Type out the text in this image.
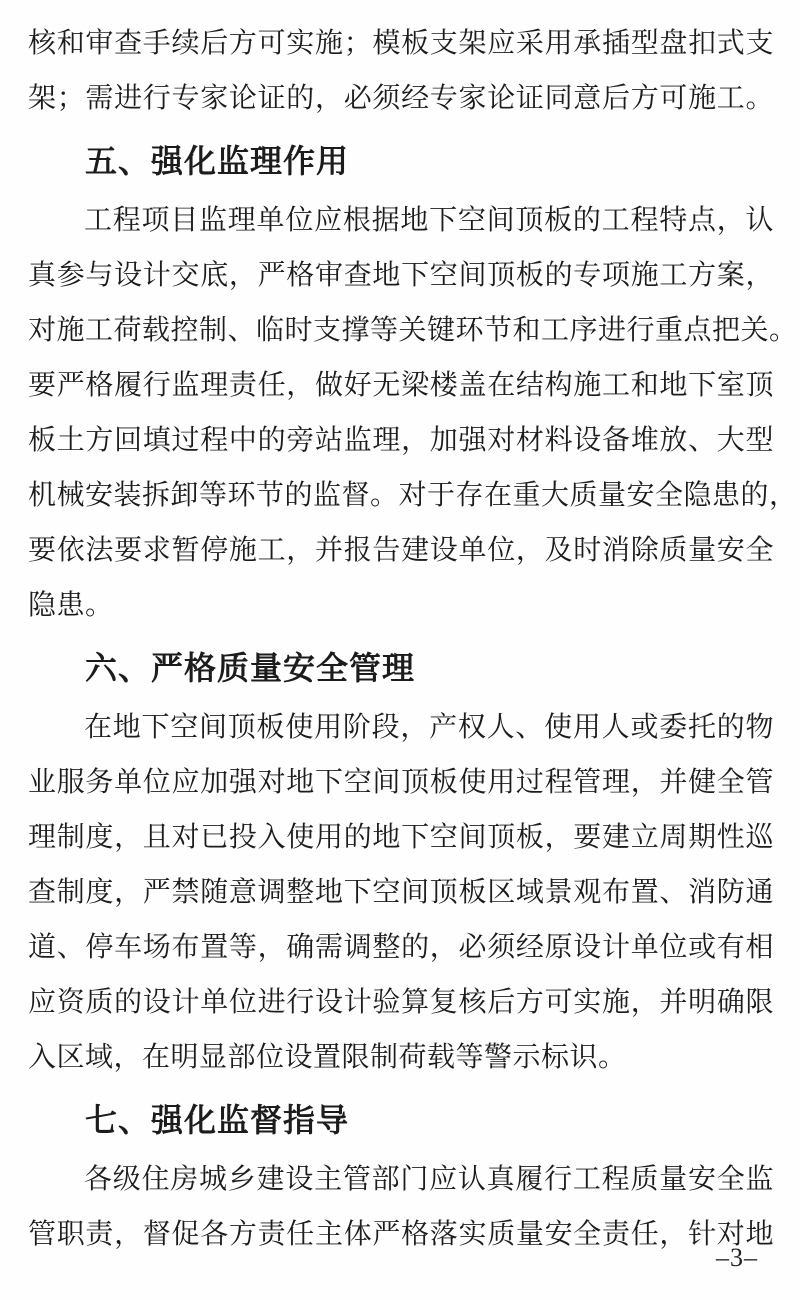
核和审查手续后方可实施；模板支架应采用承插型盘扣式支
架；需进行专家论证的，必须经专家论证同意后方可施工。
五、强化监理作用
工程项目监理单位应根据地下空间顶板的工程特点，认
真参与设计交底，严格审查地下空间顶板的专项施工方案，
对施工荷载控制、临时支撑等关键环节和工序进行重点把关。
要严格履行监理责任，做好无梁楼盖在结构施工和地下室顶
板土方回填过程中的旁站监理，加强对材料设备堆放、大型
机械安装拆卸等环节的监督。对于存在重大质量安全隐患的，
要依法要求暂停施工，并报告建设单位，及时消除质量安全
隐患。
六、严格质量安全管理
在地下空间顶板使用阶段，产权人、使用人或委托的物
业服务单位应加强对地下空间顶板使用过程管理，并健全管
理制度，且对已投入使用的地下空间顶板，要建立周期性巡
查制度，严禁随意调整地下空间顶板区域景观布置、消防通
道、停车场布置等，确需调整的，必须经原设计单位或有相
应资质的设计单位进行设计验算复核后方可实施，并明确限
入区域，在明显部位设置限制荷载等警示标识。
七、强化监督指导
各级住房城乡建设主管部门应认真履行工程质量安全监
管职责，督促各方责任主体严格落实质量安全责任，针对地
–3–
